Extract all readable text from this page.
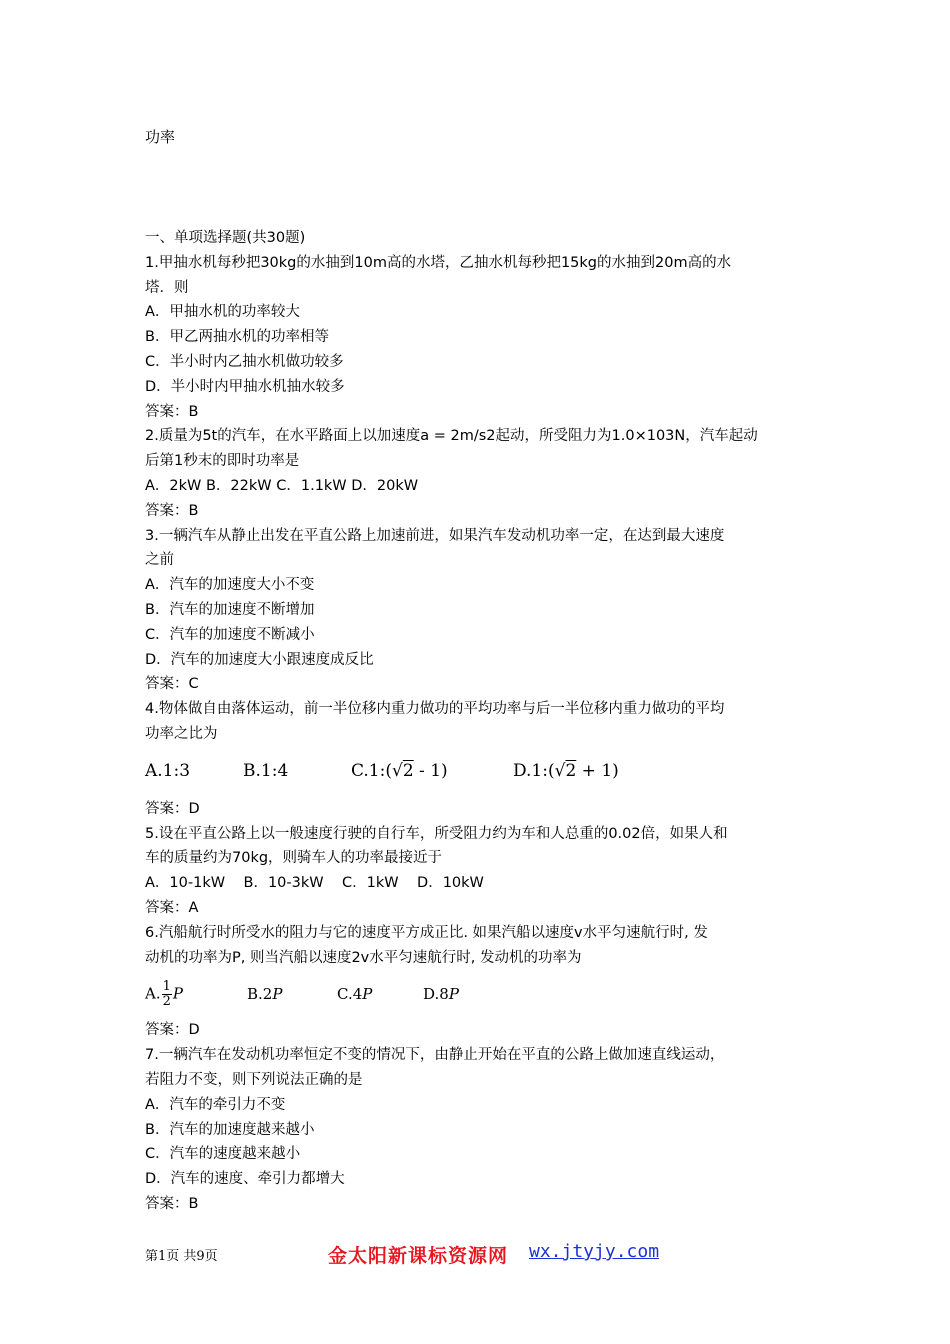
功率
一、单项选择题(共30题)
1.甲抽水机每秒把30kg的水抽到10m高的水塔，乙抽水机每秒把15kg的水抽到20m高的水
塔．则
A．甲抽水机的功率较大
B．甲乙两抽水机的功率相等
C．半小时内乙抽水机做功较多
D．半小时内甲抽水机抽水较多
答案：B
2.质量为5t的汽车，在水平路面上以加速度a = 2m/s2起动，所受阻力为1.0×103N，汽车起动
后第1秒末的即时功率是
A．2kW B．22kW C．1.1kW D．20kW
答案：B
3.一辆汽车从静止出发在平直公路上加速前进，如果汽车发动机功率一定，在达到最大速度
之前
A．汽车的加速度大小不变
B．汽车的加速度不断增加
C．汽车的加速度不断减小
D．汽车的加速度大小跟速度成反比
答案：C
4.物体做自由落体运动，前一半位移内重力做功的平均功率与后一半位移内重力做功的平均
功率之比为
A.1:3	B.1:4	C.1:(√2 - 1)	D.1:(√2 + 1)
答案：D
5.设在平直公路上以一般速度行驶的自行车，所受阻力约为车和人总重的0.02倍，如果人和
车的质量约为70kg，则骑车人的功率最接近于
A．10-1kW    B．10-3kW    C．1kW    D．10kW
答案：A
6.汽船航行时所受水的阻力与它的速度平方成正比. 如果汽船以速度v水平匀速航行时, 发
动机的功率为P, 则当汽船以速度2v水平匀速航行时, 发动机的功率为
A. $\frac{1}{2}$ P	B.2P	C.4P	D.8P
答案：D
7.一辆汽车在发动机功率恒定不变的情况下，由静止开始在平直的公路上做加速直线运动，
若阻力不变，则下列说法正确的是
A．汽车的牵引力不变
B．汽车的加速度越来越小
C．汽车的速度越来越小
D．汽车的速度、牵引力都增大
答案：B
第1页 共9页	金太阳新课标资源网 wx.jtyjy.com
